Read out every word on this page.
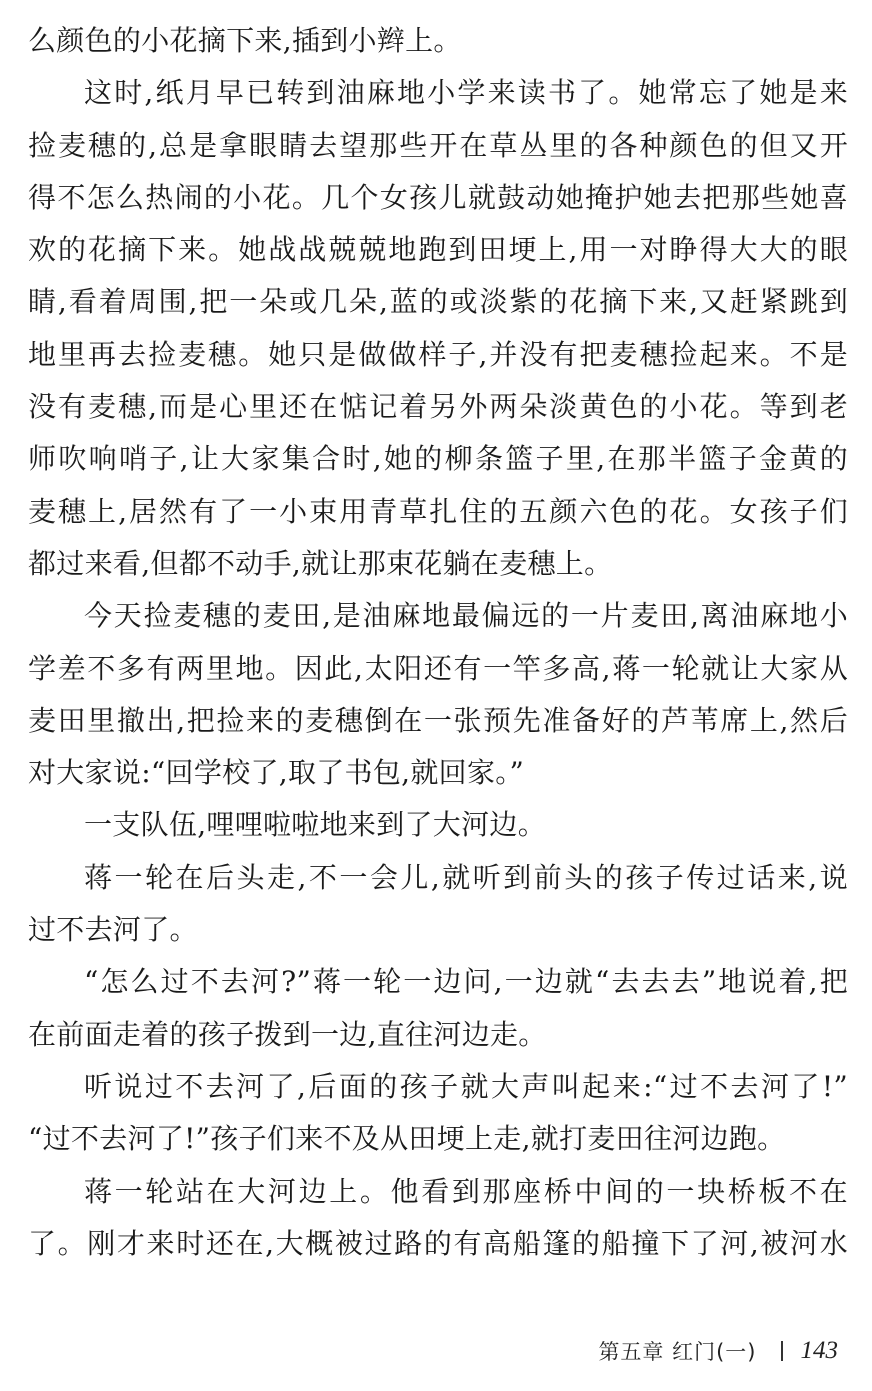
么颜色的小花摘下来,插到小辫上。
这时,纸月早已转到油麻地小学来读书了。她常忘了她是来
捡麦穗的,总是拿眼睛去望那些开在草丛里的各种颜色的但又开
得不怎么热闹的小花。几个女孩儿就鼓动她掩护她去把那些她喜
欢的花摘下来。她战战兢兢地跑到田埂上,用一对睁得大大的眼
睛,看着周围,把一朵或几朵,蓝的或淡紫的花摘下来,又赶紧跳到
地里再去捡麦穗。她只是做做样子,并没有把麦穗捡起来。不是
没有麦穗,而是心里还在惦记着另外两朵淡黄色的小花。等到老
师吹响哨子,让大家集合时,她的柳条篮子里,在那半篮子金黄的
麦穗上,居然有了一小束用青草扎住的五颜六色的花。女孩子们
都过来看,但都不动手,就让那束花躺在麦穗上。
今天捡麦穗的麦田,是油麻地最偏远的一片麦田,离油麻地小
学差不多有两里地。因此,太阳还有一竿多高,蒋一轮就让大家从
麦田里撤出,把捡来的麦穗倒在一张预先准备好的芦苇席上,然后
对大家说:“回学校了,取了书包,就回家。”
一支队伍,哩哩啦啦地来到了大河边。
蒋一轮在后头走,不一会儿,就听到前头的孩子传过话来,说
过不去河了。
“怎么过不去河?”蒋一轮一边问,一边就“去去去”地说着,把
在前面走着的孩子拨到一边,直往河边走。
听说过不去河了,后面的孩子就大声叫起来:“过不去河了!”
“过不去河了!”孩子们来不及从田埂上走,就打麦田往河边跑。
蒋一轮站在大河边上。他看到那座桥中间的一块桥板不在
了。刚才来时还在,大概被过路的有高船篷的船撞下了河,被河水
第五章 红门(一) 143
